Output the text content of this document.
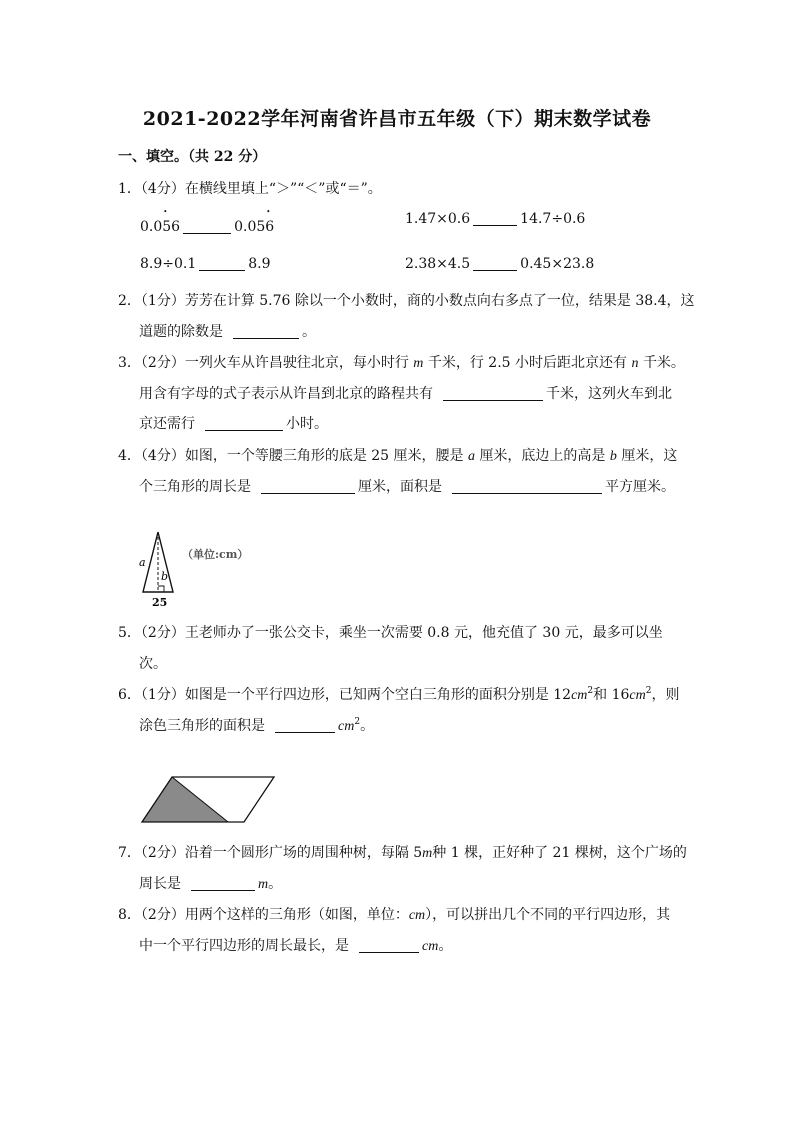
2021-2022学年河南省许昌市五年级（下）期末数学试卷
一、填空。（共 22 分）
1．（4分）在横线里填上“＞”“＜”或“＝”。
0.0• 56	0.05• 6	1.47×0.6	14.7÷0.6
8.9÷0.1	8.9	2.38×4.5	0.45×23.8
2．（1分）芳芳在计算 5.76 除以一个小数时，商的小数点向右多点了一位，结果是 38.4，这
道题的除数是	。
3．（2分）一列火车从许昌驶往北京，每小时行 m 千米，行 2.5 小时后距北京还有 n 千米。
用含有字母的式子表示从许昌到北京的路程共有	千米，这列火车到北
京还需行	小时。
4．（4分）如图，一个等腰三角形的底是 25 厘米，腰是 a 厘米，底边上的高是 b 厘米，这
个三角形的周长是	厘米，面积是	平方厘米。
a
b
25
（单位:cm）
5．（2分）王老师办了一张公交卡，乘坐一次需要 0.8 元，他充值了 30 元，最多可以坐
次。
6．（1分）如图是一个平行四边形，已知两个空白三角形的面积分别是 $12cm^2$和 $16cm^2$，则
涂色三角形的面积是	$cm^2$。
7．（2分）沿着一个圆形广场的周围种树，每隔 5m种 1 棵，正好种了 21 棵树，这个广场的
周长是	m。
8．（2分）用两个这样的三角形（如图，单位：cm），可以拼出几个不同的平行四边形，其
中一个平行四边形的周长最长，是	cm。
